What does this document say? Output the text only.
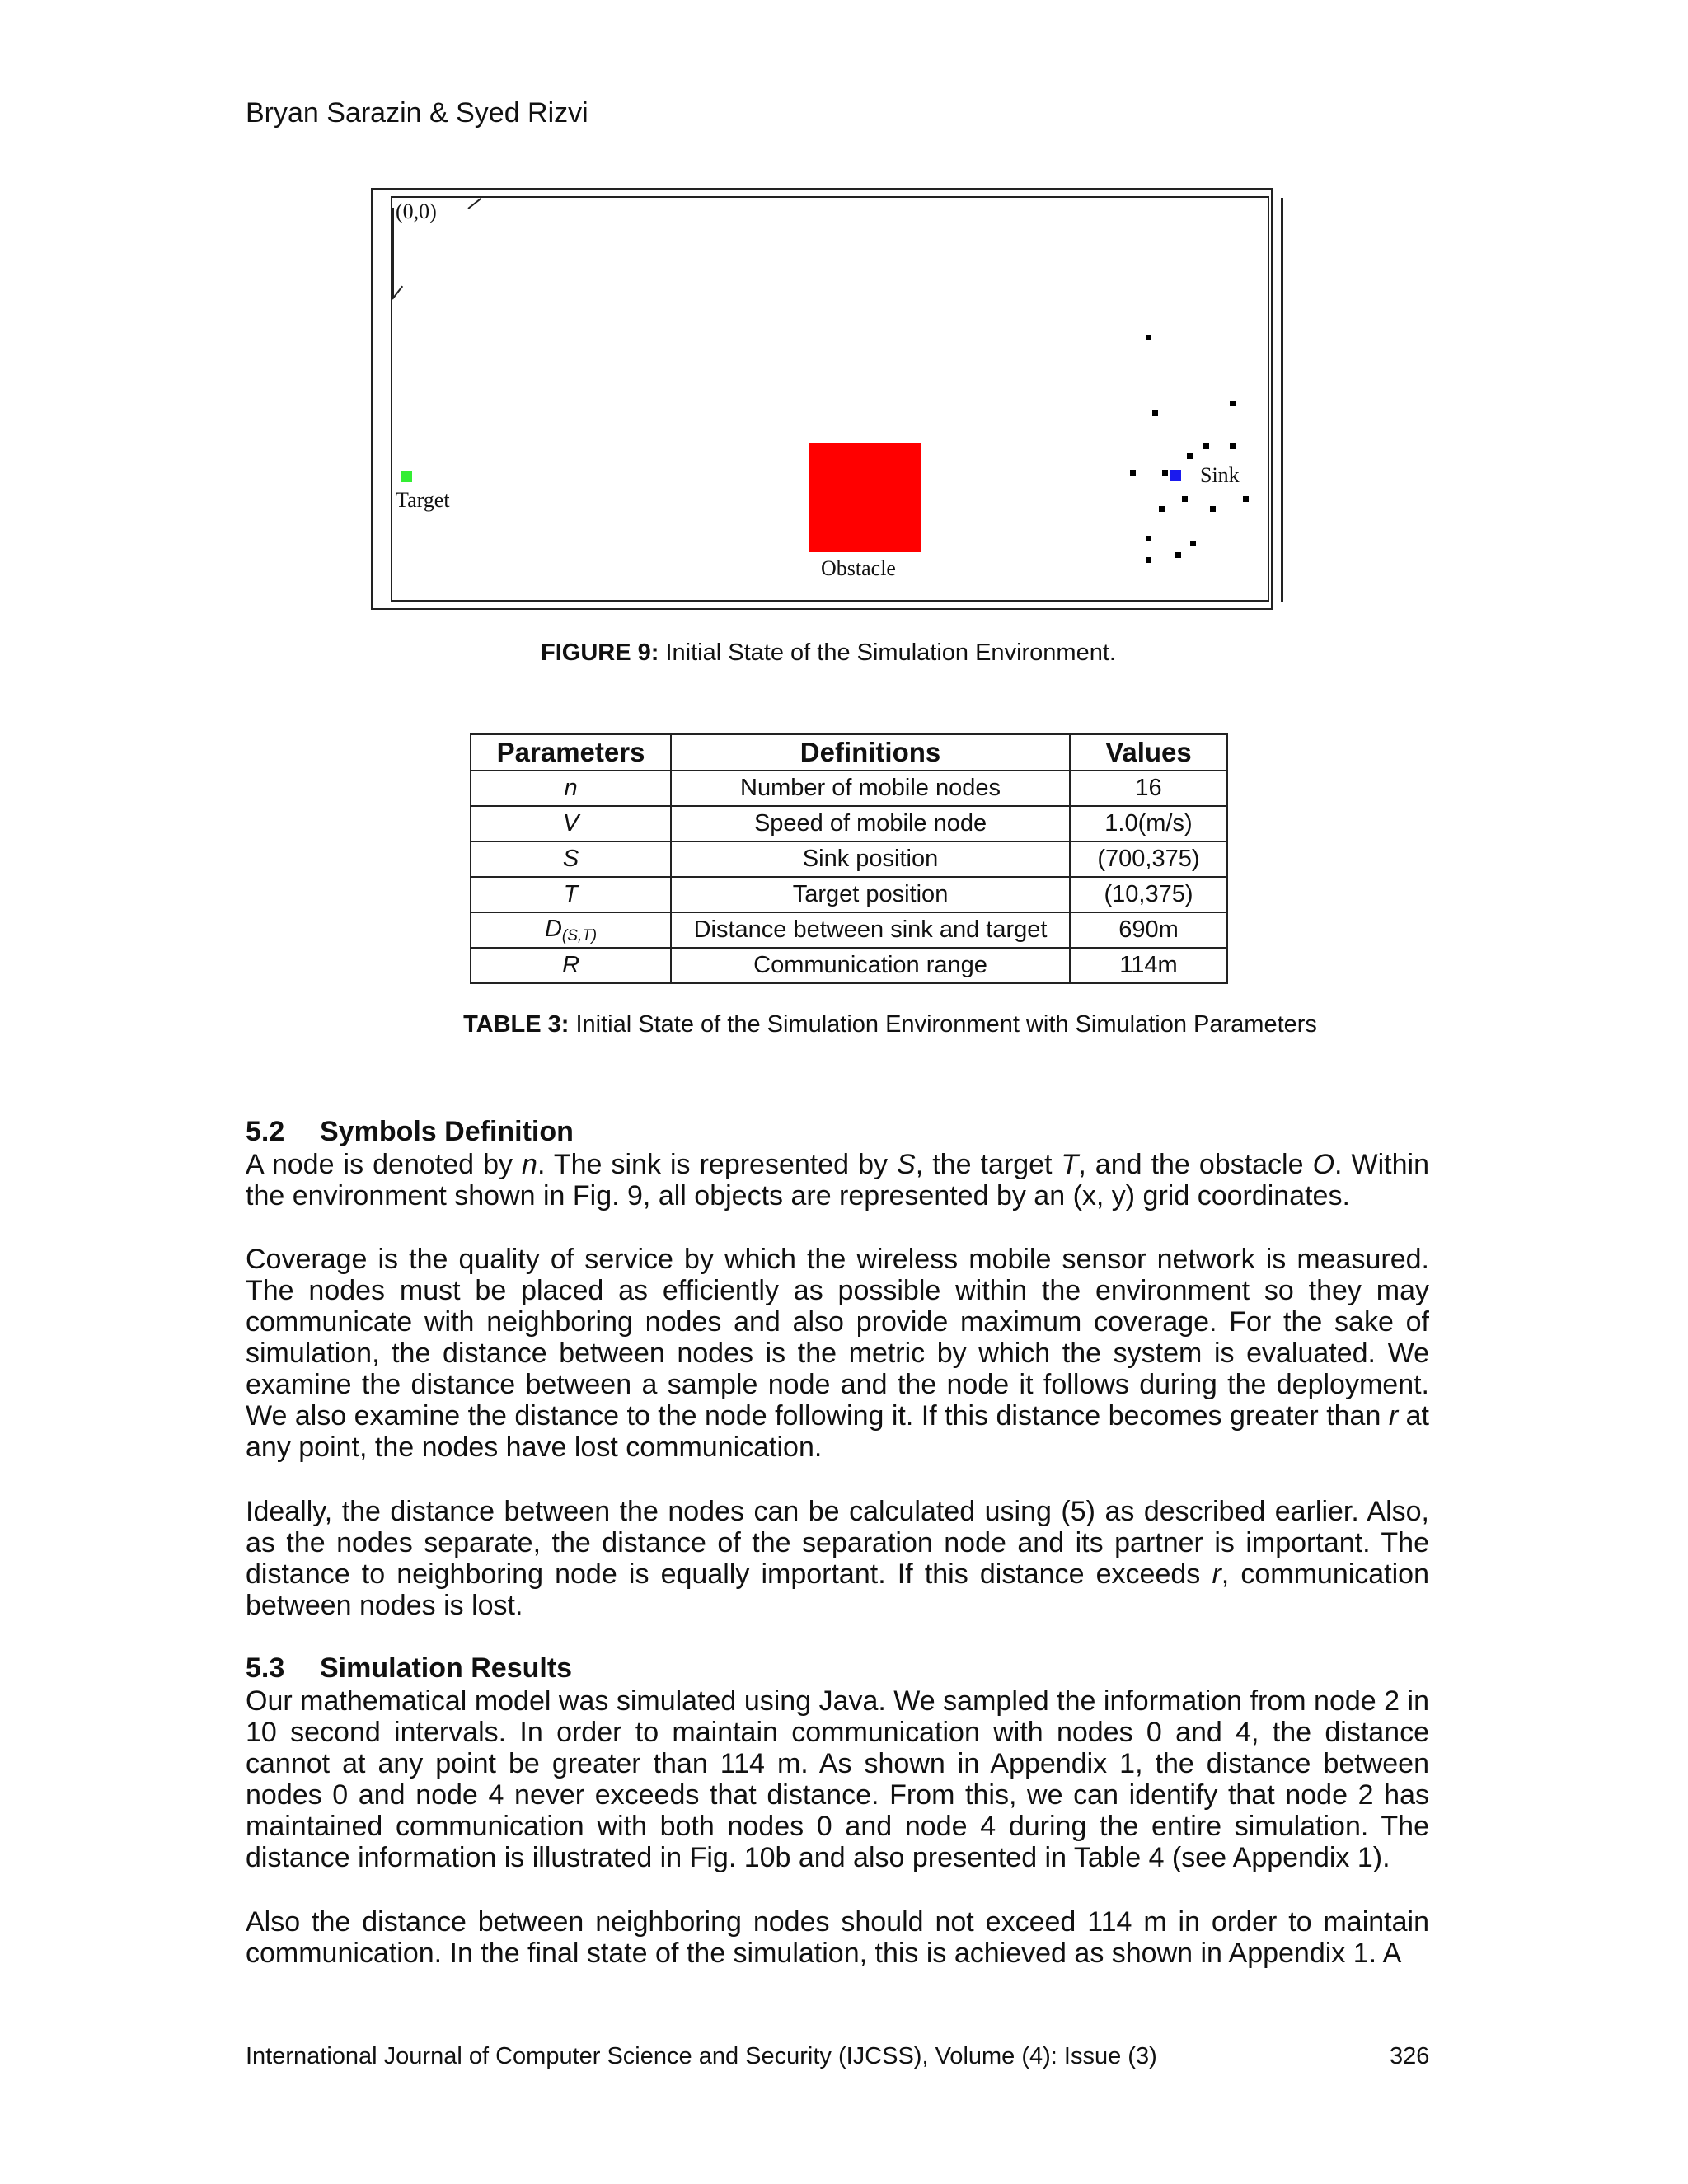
Bryan Sarazin & Syed Rizvi
(0,0)
Target
Obstacle
Sink
FIGURE 9: Initial State of the Simulation Environment.
Parameters	Definitions	Values
n	Number of mobile nodes	16
V	Speed of mobile node	1.0(m/s)
S	Sink position	(700,375)
T	Target position	(10,375)
$D_{(S,T)}$	Distance between sink and target	690m
R	Communication range	114m
TABLE 3: Initial State of the Simulation Environment with Simulation Parameters
5.2 Symbols Definition
A node is denoted by n. The sink is represented by S, the target T, and the obstacle O. Within the environment shown in Fig. 9, all objects are represented by an (x, y) grid coordinates.
Coverage is the quality of service by which the wireless mobile sensor network is measured. The nodes must be placed as efficiently as possible within the environment so they may communicate with neighboring nodes and also provide maximum coverage. For the sake of simulation, the distance between nodes is the metric by which the system is evaluated. We examine the distance between a sample node and the node it follows during the deployment. We also examine the distance to the node following it. If this distance becomes greater than r at any point, the nodes have lost communication.
Ideally, the distance between the nodes can be calculated using (5) as described earlier. Also, as the nodes separate, the distance of the separation node and its partner is important. The distance to neighboring node is equally important. If this distance exceeds r, communication between nodes is lost.
5.3 Simulation Results
Our mathematical model was simulated using Java. We sampled the information from node 2 in 10 second intervals. In order to maintain communication with nodes 0 and 4, the distance cannot at any point be greater than 114 m. As shown in Appendix 1, the distance between nodes 0 and node 4 never exceeds that distance. From this, we can identify that node 2 has maintained communication with both nodes 0 and node 4 during the entire simulation. The distance information is illustrated in Fig. 10b and also presented in Table 4 (see Appendix 1).
Also the distance between neighboring nodes should not exceed 114 m in order to maintain communication. In the final state of the simulation, this is achieved as shown in Appendix 1. A
International Journal of Computer Science and Security (IJCSS), Volume (4): Issue (3)	326
